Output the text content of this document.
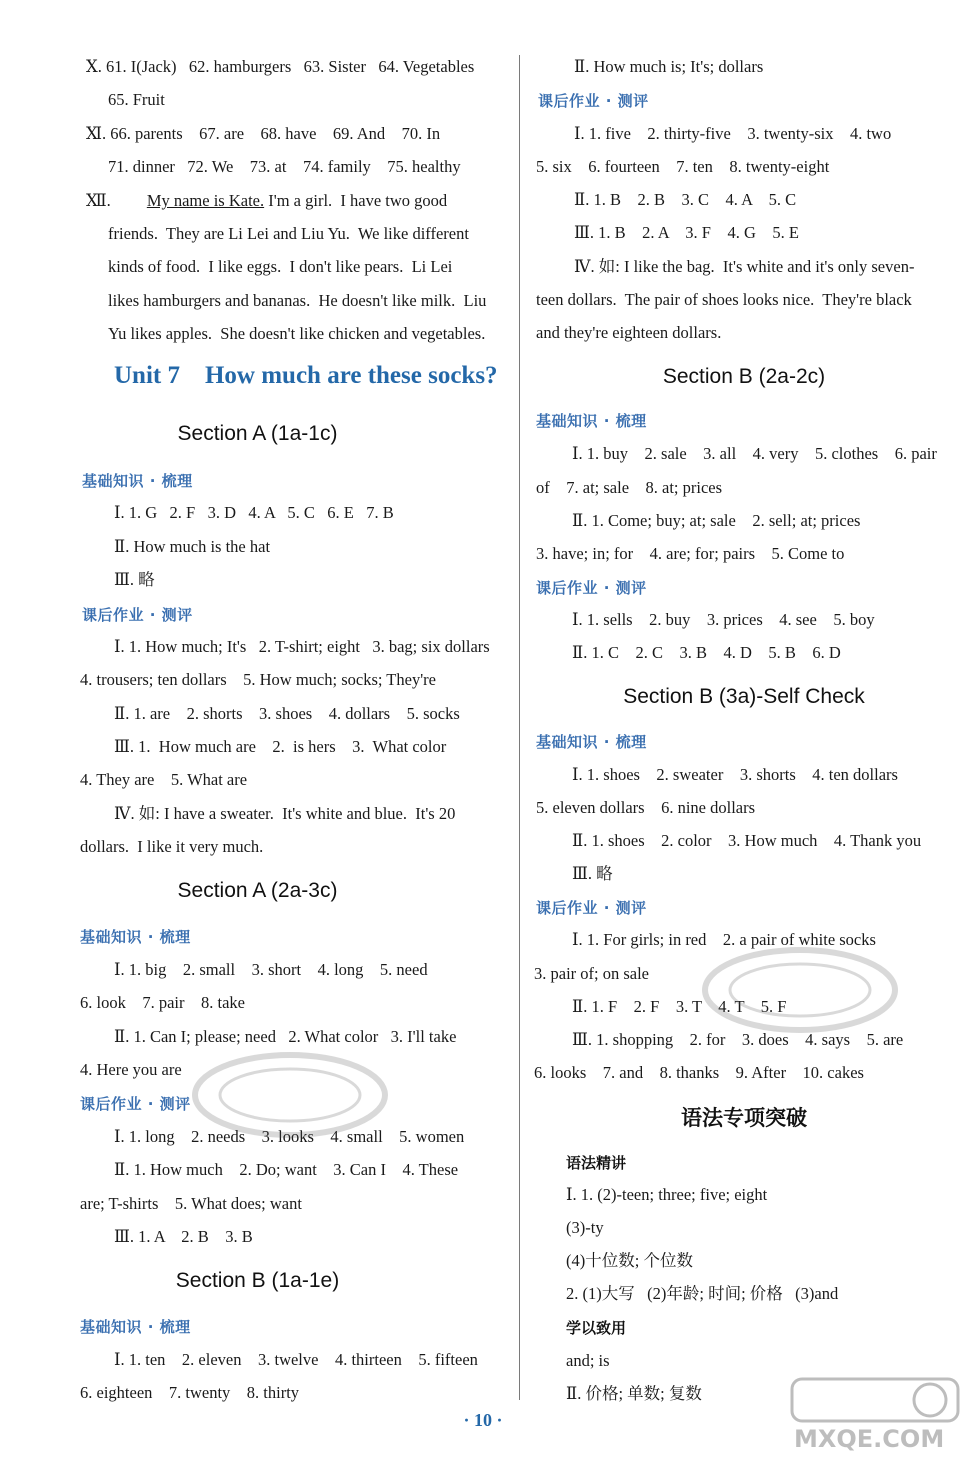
Ⅹ. 61. I(Jack)   62. hamburgers   63. Sister   64. Vegetables
65. Fruit
Ⅺ. 66. parents    67. are    68. have    69. And    70. In
71. dinner   72. We    73. at    74. family    75. healthy
Ⅻ. My name is Kate. I'm a girl.  I have two good
friends.  They are Li Lei and Liu Yu.  We like different
kinds of food.  I like eggs.  I don't like pears.  Li Lei
likes hamburgers and bananas.  He doesn't like milk.  Liu
Yu likes apples.  She doesn't like chicken and vegetables.
Unit 7    How much are these socks?
Section A (1a-1c)
基础知识 · 梳理
Ⅰ. 1. G   2. F   3. D   4. A   5. C   6. E   7. B
Ⅱ. How much is the hat
Ⅲ. 略
课后作业 · 测评
Ⅰ. 1. How much; It's   2. T-shirt; eight   3. bag; six dollars
4. trousers; ten dollars    5. How much; socks; They're
Ⅱ. 1. are    2. shorts    3. shoes    4. dollars    5. socks
Ⅲ. 1.  How much are    2.  is hers    3.  What color
4. They are    5. What are
Ⅳ. 如: I have a sweater.  It's white and blue.  It's 20
dollars.  I like it very much.
Section A (2a-3c)
基础知识 · 梳理
Ⅰ. 1. big    2. small    3. short    4. long    5. need
6. look    7. pair    8. take
Ⅱ. 1. Can I; please; need   2. What color   3. I'll take
4. Here you are
课后作业 · 测评
Ⅰ. 1. long    2. needs    3. looks    4. small    5. women
Ⅱ. 1. How much    2. Do; want    3. Can I    4. These
are; T-shirts    5. What does; want
Ⅲ. 1. A    2. B    3. B
Section B (1a-1e)
基础知识 · 梳理
Ⅰ. 1. ten    2. eleven    3. twelve    4. thirteen    5. fifteen
6. eighteen    7. twenty    8. thirty
Ⅱ. How much is; It's; dollars
课后作业 · 测评
Ⅰ. 1. five    2. thirty-five    3. twenty-six    4. two
5. six    6. fourteen    7. ten    8. twenty-eight
Ⅱ. 1. B    2. B    3. C    4. A    5. C
Ⅲ. 1. B    2. A    3. F    4. G    5. E
Ⅳ. 如: I like the bag.  It's white and it's only seven-
teen dollars.  The pair of shoes looks nice.  They're black
and they're eighteen dollars.
Section B (2a-2c)
基础知识 · 梳理
Ⅰ. 1. buy    2. sale    3. all    4. very    5. clothes    6. pair
of    7. at; sale    8. at; prices
Ⅱ. 1. Come; buy; at; sale    2. sell; at; prices
3. have; in; for    4. are; for; pairs    5. Come to
课后作业 · 测评
Ⅰ. 1. sells    2. buy    3. prices    4. see    5. boy
Ⅱ. 1. C    2. C    3. B    4. D    5. B    6. D
Section B (3a)-Self Check
基础知识 · 梳理
Ⅰ. 1. shoes    2. sweater    3. shorts    4. ten dollars
5. eleven dollars    6. nine dollars
Ⅱ. 1. shoes    2. color    3. How much    4. Thank you
Ⅲ. 略
课后作业 · 测评
Ⅰ. 1. For girls; in red    2. a pair of white socks
3. pair of; on sale
Ⅱ. 1. F    2. F    3. T    4. T    5. F
Ⅲ. 1. shopping    2. for    3. does    4. says    5. are
6. looks    7. and    8. thanks    9. After    10. cakes
语法专项突破
语法精讲
Ⅰ. 1. (2)-teen; three; five; eight
(3)-ty
(4)十位数; 个位数
2. (1)大写   (2)年龄; 时间; 价格   (3)and
学以致用
and; is
Ⅱ. 价格; 单数; 复数
MXQE.COM
· 10 ·
